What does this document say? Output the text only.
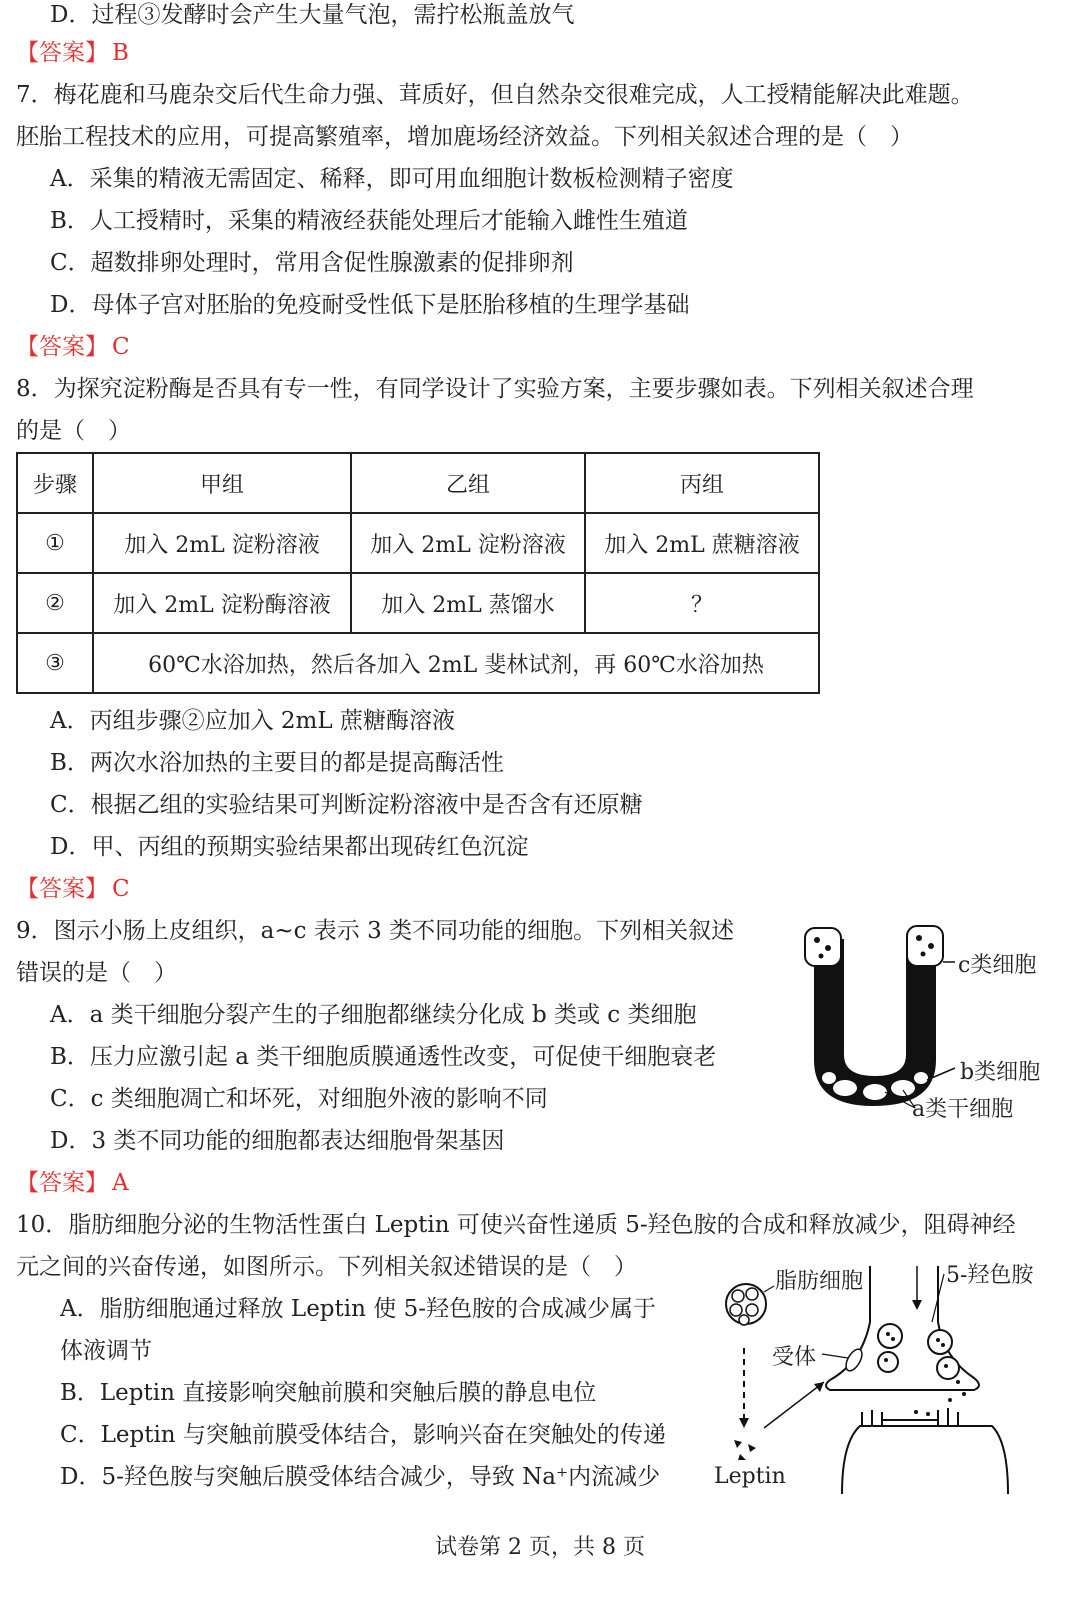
D．过程③发酵时会产生大量气泡，需拧松瓶盖放气
【答案】 B
7．梅花鹿和马鹿杂交后代生命力强、茸质好，但自然杂交很难完成，人工授精能解决此难题。
胚胎工程技术的应用，可提高繁殖率，增加鹿场经济效益。下列相关叙述合理的是（　）
A．采集的精液无需固定、稀释，即可用血细胞计数板检测精子密度
B．人工授精时，采集的精液经获能处理后才能输入雌性生殖道
C．超数排卵处理时，常用含促性腺激素的促排卵剂
D．母体子宫对胚胎的免疫耐受性低下是胚胎移植的生理学基础
【答案】 C
8．为探究淀粉酶是否具有专一性，有同学设计了实验方案，主要步骤如表。下列相关叙述合理
的是（　）
步骤	甲组	乙组	丙组
①	加入 2mL 淀粉溶液	加入 2mL 淀粉溶液	加入 2mL 蔗糖溶液
②	加入 2mL 淀粉酶溶液	加入 2mL 蒸馏水	？
③	60℃水浴加热，然后各加入 2mL 斐林试剂，再 60℃水浴加热		
A．丙组步骤②应加入 2mL 蔗糖酶溶液
B．两次水浴加热的主要目的都是提高酶活性
C．根据乙组的实验结果可判断淀粉溶液中是否含有还原糖
D．甲、丙组的预期实验结果都出现砖红色沉淀
【答案】 C
9．图示小肠上皮组织，a~c 表示 3 类不同功能的细胞。下列相关叙述
错误的是（　）
A．a 类干细胞分裂产生的子细胞都继续分化成 b 类或 c 类细胞
B．压力应激引起 a 类干细胞质膜通透性改变，可促使干细胞衰老
C．c 类细胞凋亡和坏死，对细胞外液的影响不同
D．3 类不同功能的细胞都表达细胞骨架基因
【答案】 A
c类细胞
b类细胞
a类干细胞
10．脂肪细胞分泌的生物活性蛋白 Leptin 可使兴奋性递质 5-羟色胺的合成和释放减少，阻碍神经
元之间的兴奋传递，如图所示。下列相关叙述错误的是（　）
A．脂肪细胞通过释放 Leptin 使 5-羟色胺的合成减少属于
体液调节
B．Leptin 直接影响突触前膜和突触后膜的静息电位
C．Leptin 与突触前膜受体结合，影响兴奋在突触处的传递
D．5-羟色胺与突触后膜受体结合减少，导致 Na⁺内流减少
脂肪细胞	5-羟色胺
受体
Leptin
试卷第 2 页，共 8 页
